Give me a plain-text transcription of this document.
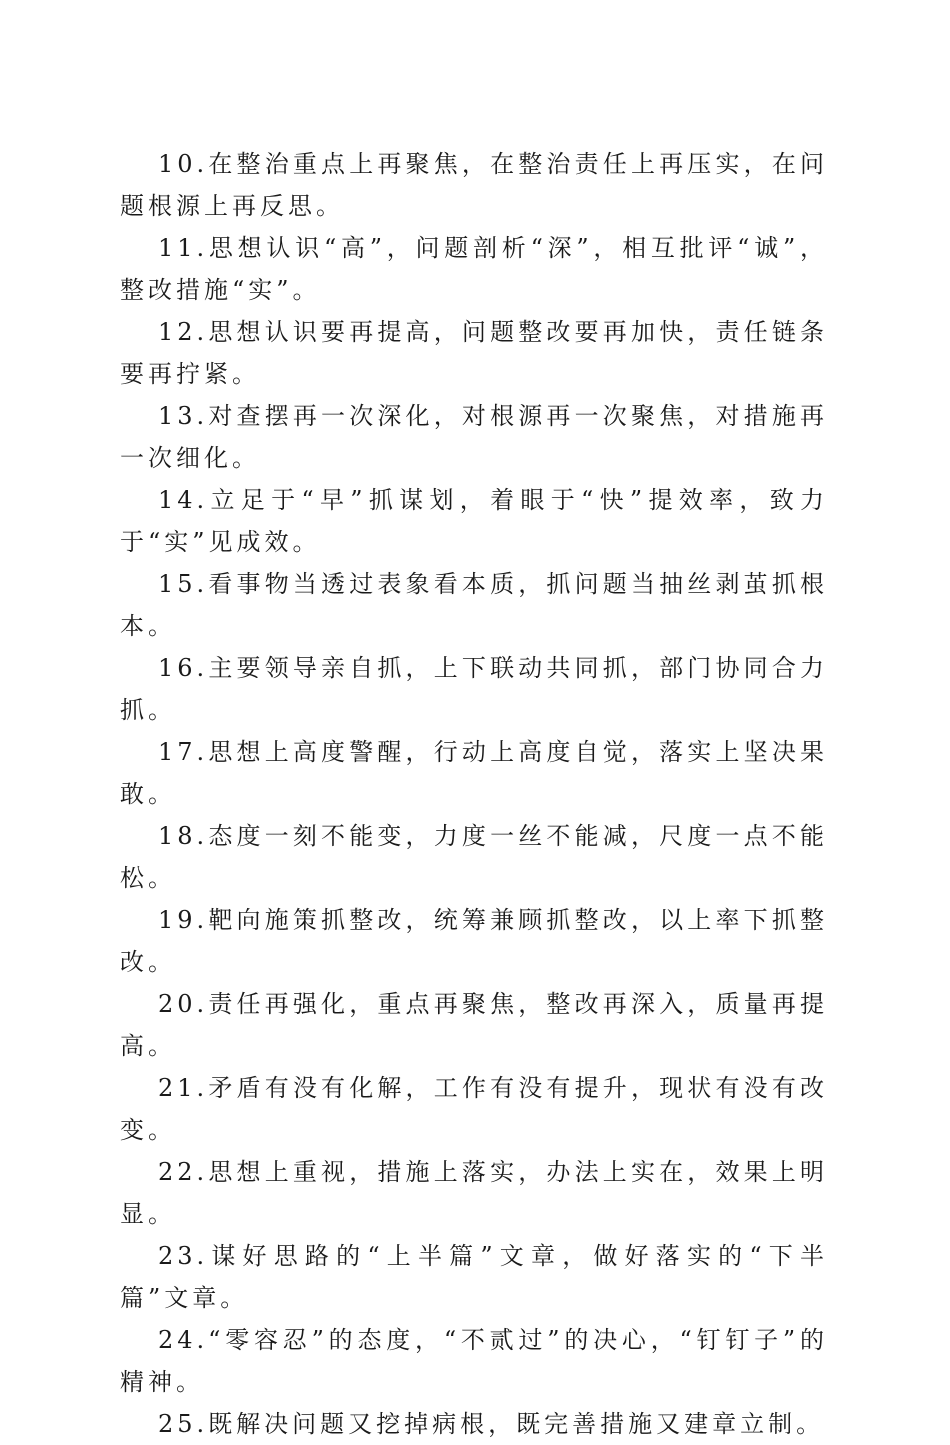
10.在整治重点上再聚焦，在整治责任上再压实，在问题根源上再反思。

11.思想认识“高”，问题剖析“深”，相互批评“诚”，整改措施“实”。

12.思想认识要再提高，问题整改要再加快，责任链条要再拧紧。

13.对查摆再一次深化，对根源再一次聚焦，对措施再一次细化。

14.立足于“早”抓谋划，着眼于“快”提效率，致力于“实”见成效。

15.看事物当透过表象看本质，抓问题当抽丝剥茧抓根本。

16.主要领导亲自抓，上下联动共同抓，部门协同合力抓。

17.思想上高度警醒，行动上高度自觉，落实上坚决果敢。

18.态度一刻不能变，力度一丝不能减，尺度一点不能松。

19.靶向施策抓整改，统筹兼顾抓整改，以上率下抓整改。

20.责任再强化，重点再聚焦，整改再深入，质量再提高。

21.矛盾有没有化解，工作有没有提升，现状有没有改变。

22.思想上重视，措施上落实，办法上实在，效果上明显。

23.谋好思路的“上半篇”文章，做好落实的“下半篇”文章。

24.“零容忍”的态度，“不贰过”的决心，“钉钉子”的精神。

25.既解决问题又挖掉病根，既完善措施又建章立制。
